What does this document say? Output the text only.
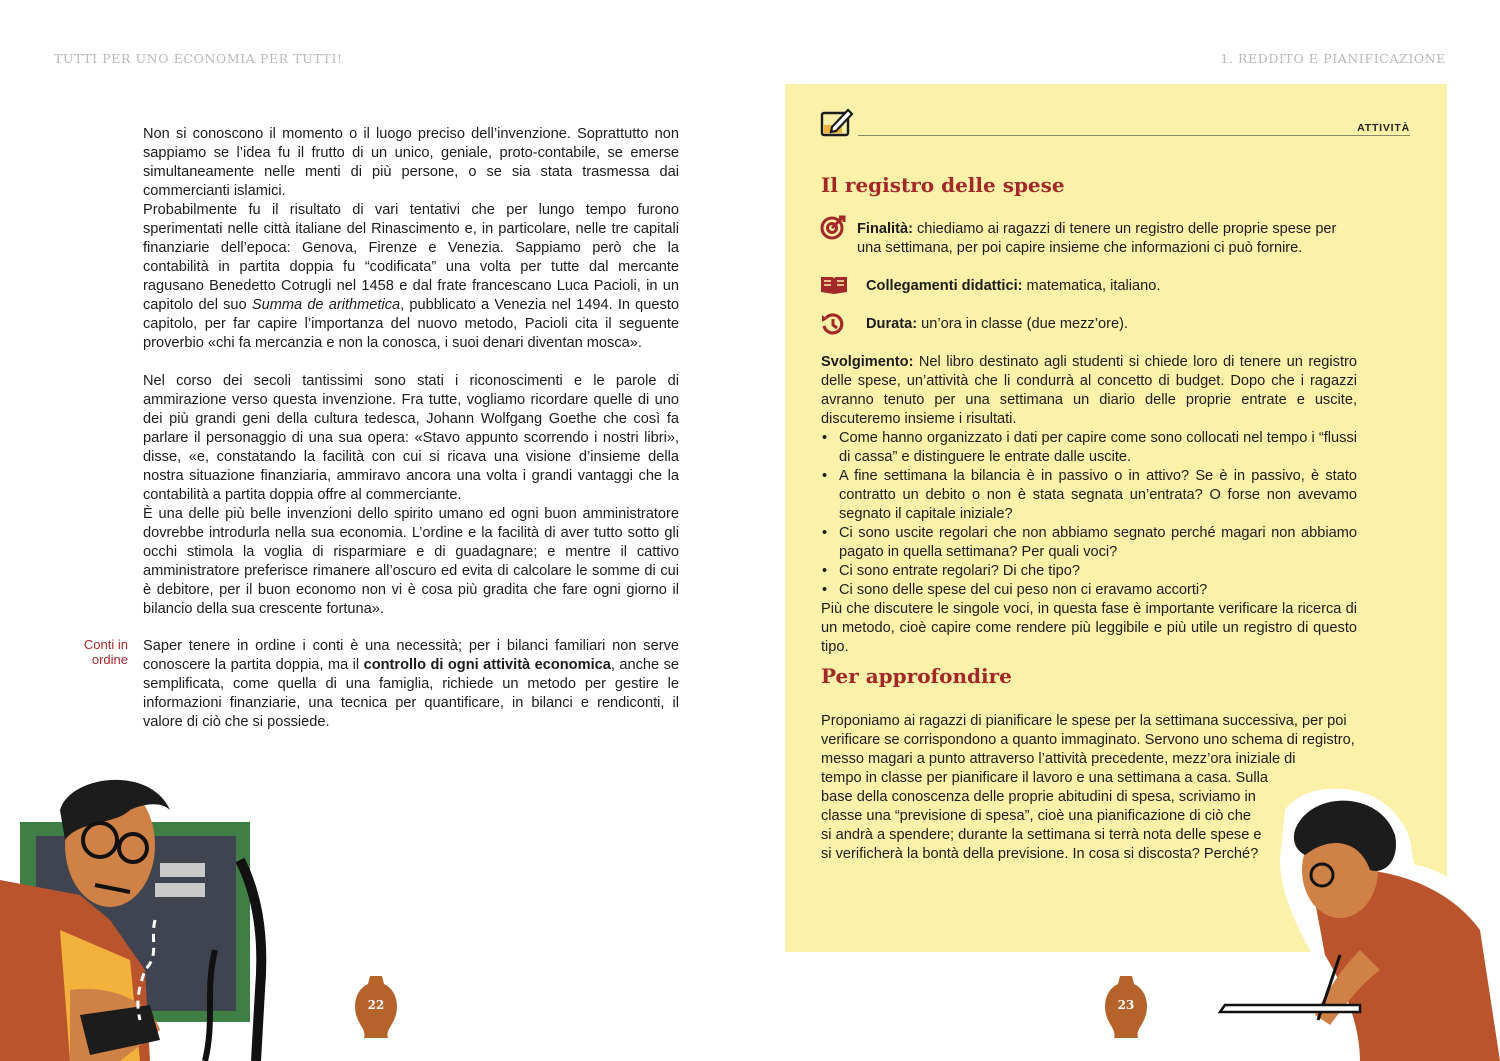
TUTTI PER UNO ECONOMIA PER TUTTI!	1. REDDITO E PIANIFICAZIONE

Non si conoscono il momento o il luogo preciso dell’invenzione. Soprattutto non sappiamo se l’idea fu il frutto di un unico, geniale, proto-contabile, se emerse simultaneamente nelle menti di più persone, o se sia stata trasmessa dai commercianti islamici.

Probabilmente fu il risultato di vari tentativi che per lungo tempo furono sperimentati nelle città italiane del Rinascimento e, in particolare, nelle tre capitali finanziarie dell’epoca: Genova, Firenze e Venezia. Sappiamo però che la contabilità in partita doppia fu “codificata” una volta per tutte dal mercante ragusano Benedetto Cotrugli nel 1458 e dal frate francescano Luca Pacioli, in un capitolo del suo Summa de arithmetica, pubblicato a Venezia nel 1494. In questo capitolo, per far capire l’importanza del nuovo metodo, Pacioli cita il seguente proverbio «chi fa mercanzia e non la conosca, i suoi denari diventan mosca».

Nel corso dei secoli tantissimi sono stati i riconoscimenti e le parole di ammirazione verso questa invenzione. Fra tutte, vogliamo ricordare quelle di uno dei più grandi geni della cultura tedesca, Johann Wolfgang Goethe che così fa parlare il personaggio di una sua opera: «Stavo appunto scorrendo i nostri libri», disse, «e, constatando la facilità con cui si ricava una visione d’insieme della nostra situazione finanziaria, ammiravo ancora una volta i grandi vantaggi che la contabilità a partita doppia offre al commerciante.

È una delle più belle invenzioni dello spirito umano ed ogni buon amministratore dovrebbe introdurla nella sua economia. L’ordine e la facilità di aver tutto sotto gli occhi stimola la voglia di risparmiare e di guadagnare; e mentre il cattivo amministratore preferisce rimanere all’oscuro ed evita di calcolare le somme di cui è debitore, per il buon economo non vi è cosa più gradita che fare ogni giorno il bilancio della sua crescente fortuna».

Conti in
ordine
Saper tenere in ordine i conti è una necessità; per i bilanci familiari non serve conoscere la partita doppia, ma il controllo di ogni attività economica, anche se semplificata, come quella di una famiglia, richiede un metodo per gestire le informazioni finanziarie, una tecnica per quantificare, in bilanci e rendiconti, il valore di ciò che si possiede.
22
ATTIVITÀ
Il registro delle spese
Finalità: chiediamo ai ragazzi di tenere un registro delle proprie spese per una settimana, per poi capire insieme che informazioni ci può fornire.
Collegamenti didattici: matematica, italiano.
Durata: un’ora in classe (due mezz’ore).

Svolgimento: Nel libro destinato agli studenti si chiede loro di tenere un registro delle spese, un’attività che li condurrà al concetto di budget. Dopo che i ragazzi avranno tenuto per una settimana un diario delle proprie entrate e uscite, discuteremo insieme i risultati.

• Come hanno organizzato i dati per capire come sono collocati nel tempo i “flussi di cassa” e distinguere le entrate dalle uscite.
• A fine settimana la bilancia è in passivo o in attivo? Se è in passivo, è stato contratto un debito o non è stata segnata un’entrata? O forse non avevamo segnato il capitale iniziale?
• Ci sono uscite regolari che non abbiamo segnato perché magari non abbiamo pagato in quella settimana? Per quali voci?
• Ci sono entrate regolari? Di che tipo?
• Ci sono delle spese del cui peso non ci eravamo accorti?

Più che discutere le singole voci, in questa fase è importante verificare la ricerca di un metodo, cioè capire come rendere più leggibile e più utile un registro di questo tipo.

Per approfondire
Proponiamo ai ragazzi di pianificare le spese per la settimana successiva, per poi
verificare se corrispondono a quanto immaginato. Servono uno schema di registro,
messo magari a punto attraverso l’attività precedente, mezz’ora iniziale di
tempo in classe per pianificare il lavoro e una settimana a casa. Sulla
base della conoscenza delle proprie abitudini di spesa, scriviamo in
classe una “previsione di spesa”, cioè una pianificazione di ciò che
si andrà a spendere; durante la settimana si terrà nota delle spese e
si verificherà la bontà della previsione. In cosa si discosta? Perché?
23
